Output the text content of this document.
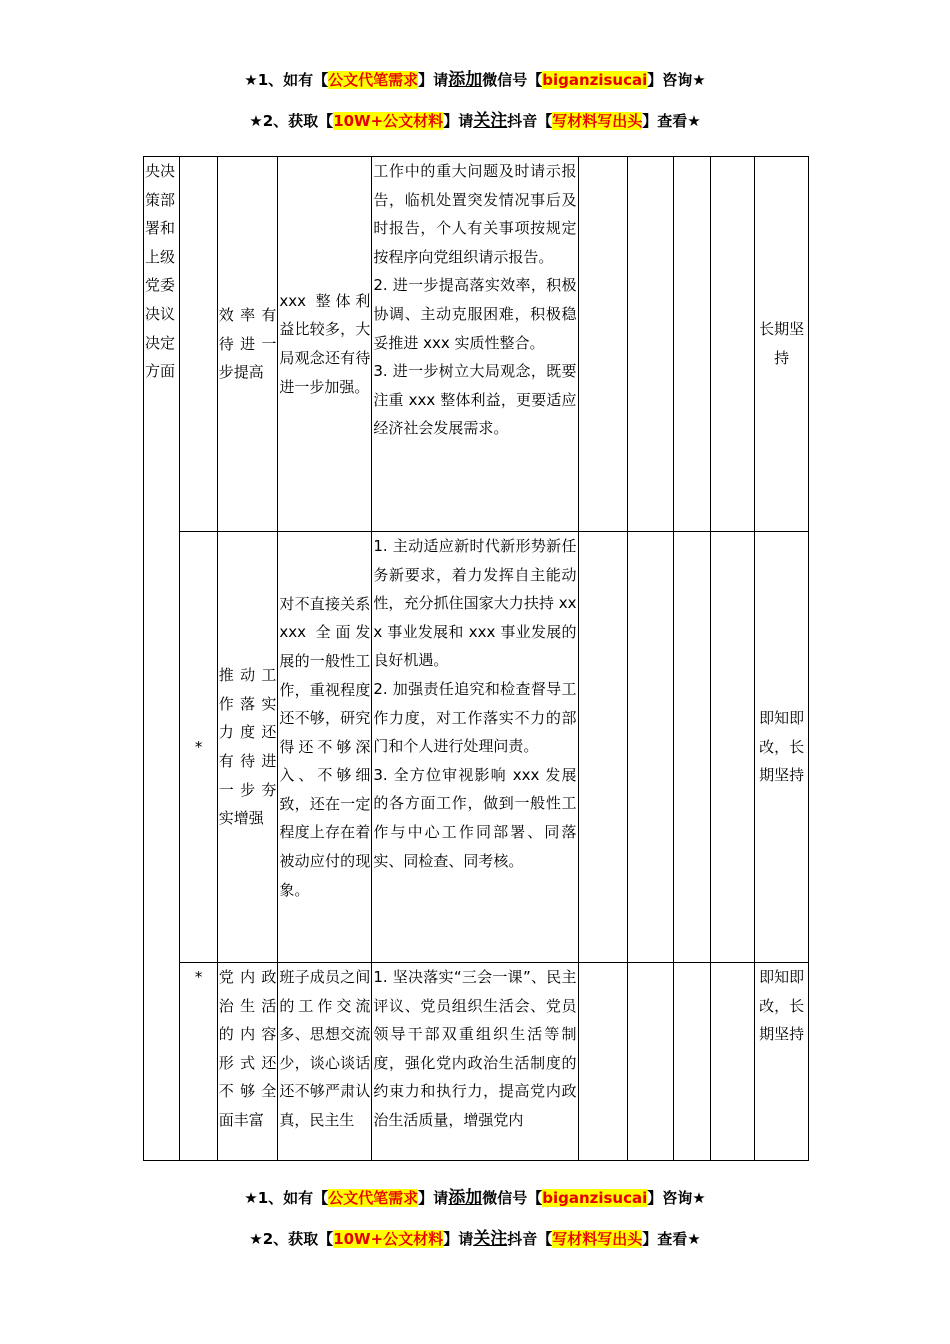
★1、如有【公文代笔需求】请添加微信号【biganzisucai】咨询★
★2、获取【10W+公文材料】请关注抖音【写材料写出头】查看★
央决策部署和上级党委决议决定方面		效率有待进一步提高	xxx 整体利益比较多，大局观念还有待进一步加强。	工作中的重大问题及时请示报告，临机处置突发情况事后及时报告，个人有关事项按规定按程序向党组织请示报告。

2. 进一步提高落实效率，积极协调、主动克服困难，积极稳妥推进 xxx 实质性整合。

3. 进一步树立大局观念，既要注重 xxx 整体利益，更要适应经济社会发展需求。					长期坚持
	*	推动工作落实力度还有待进一步夯实增强	对不直接关系 xxx 全面发展的一般性工作，重视程度还不够，研究得还不够深入、不够细致，还在一定程度上存在着被动应付的现象。	1. 主动适应新时代新形势新任务新要求，着力发挥自主能动性，充分抓住国家大力扶持 xxx 事业发展和 xxx 事业发展的良好机遇。

2. 加强责任追究和检查督导工作力度，对工作落实不力的部门和个人进行处理问责。

3. 全方位审视影响 xxx 发展的各方面工作，做到一般性工作与中心工作同部署、同落实、同检查、同考核。					即知即改，长期坚持
	*	党内政治生活的内容形式还不够全面丰富	班子成员之间的工作交流多、思想交流少，谈心谈话还不够严肃认真，民主生	1. 坚决落实“三会一课”、民主评议、党员组织生活会、党员领导干部双重组织生活等制度，强化党内政治生活制度的约束力和执行力，提高党内政治生活质量，增强党内					即知即改，长期坚持
★1、如有【公文代笔需求】请添加微信号【biganzisucai】咨询★
★2、获取【10W+公文材料】请关注抖音【写材料写出头】查看★
